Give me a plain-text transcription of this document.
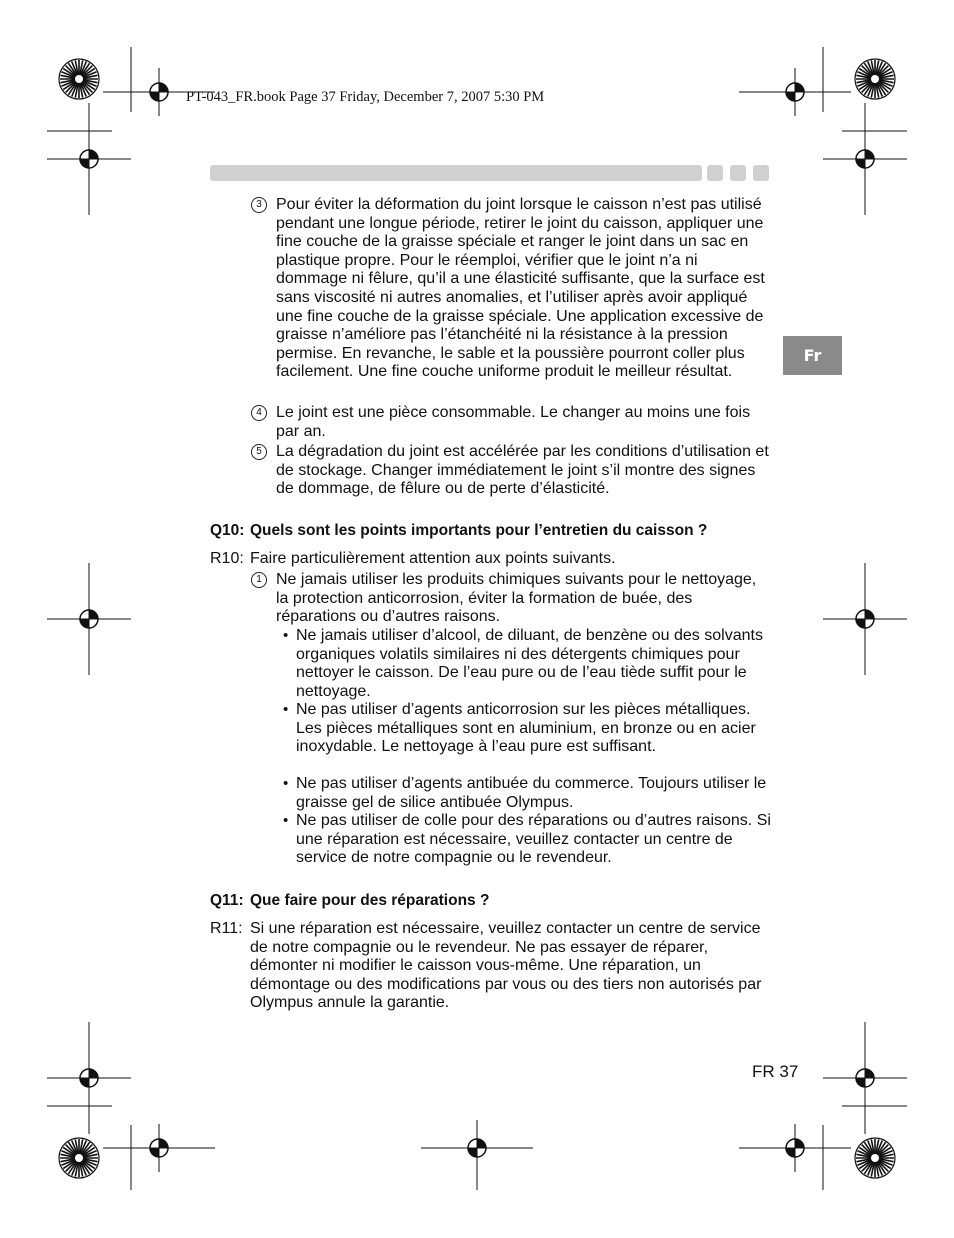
PT-043_FR.book Page 37 Friday, December 7, 2007 5:30 PM
Fr
3 Pour éviter la déformation du joint lorsque le caisson n’est pas utilisé pendant une longue période, retirer le joint du caisson, appliquer une fine couche de la graisse spéciale et ranger le joint dans un sac en plastique propre. Pour le réemploi, vérifier que le joint n’a ni dommage ni fêlure, qu’il a une élasticité suffisante, que la surface est sans viscosité ni autres anomalies, et l’utiliser après avoir appliqué une fine couche de la graisse spéciale. Une application excessive de graisse n’améliore pas l’étanchéité ni la résistance à la pression permise. En revanche, le sable et la poussière pourront coller plus facilement. Une fine couche uniforme produit le meilleur résultat.
4 Le joint est une pièce consommable. Le changer au moins une fois par an.
5 La dégradation du joint est accélérée par les conditions d’utilisation et de stockage. Changer immédiatement le joint s’il montre des signes de dommage, de fêlure ou de perte d’élasticité.
Q10: Quels sont les points importants pour l’entretien du caisson ?
R10: Faire particulièrement attention aux points suivants.
1 Ne jamais utiliser les produits chimiques suivants pour le nettoyage, la protection anticorrosion, éviter la formation de buée, des réparations ou d’autres raisons.
• Ne jamais utiliser d’alcool, de diluant, de benzène ou des solvants organiques volatils similaires ni des détergents chimiques pour nettoyer le caisson. De l’eau pure ou de l’eau tiède suffit pour le nettoyage.
• Ne pas utiliser d’agents anticorrosion sur les pièces métalliques. Les pièces métalliques sont en aluminium, en bronze ou en acier inoxydable. Le nettoyage à l’eau pure est suffisant.
• Ne pas utiliser d’agents antibuée du commerce. Toujours utiliser le graisse gel de silice antibuée Olympus.
• Ne pas utiliser de colle pour des réparations ou d’autres raisons. Si une réparation est nécessaire, veuillez contacter un centre de service de notre compagnie ou le revendeur.
Q11: Que faire pour des réparations ?
R11: Si une réparation est nécessaire, veuillez contacter un centre de service de notre compagnie ou le revendeur. Ne pas essayer de réparer, démonter ni modifier le caisson vous-même. Une réparation, un démontage ou des modifications par vous ou des tiers non autorisés par Olympus annule la garantie.
FR 37
